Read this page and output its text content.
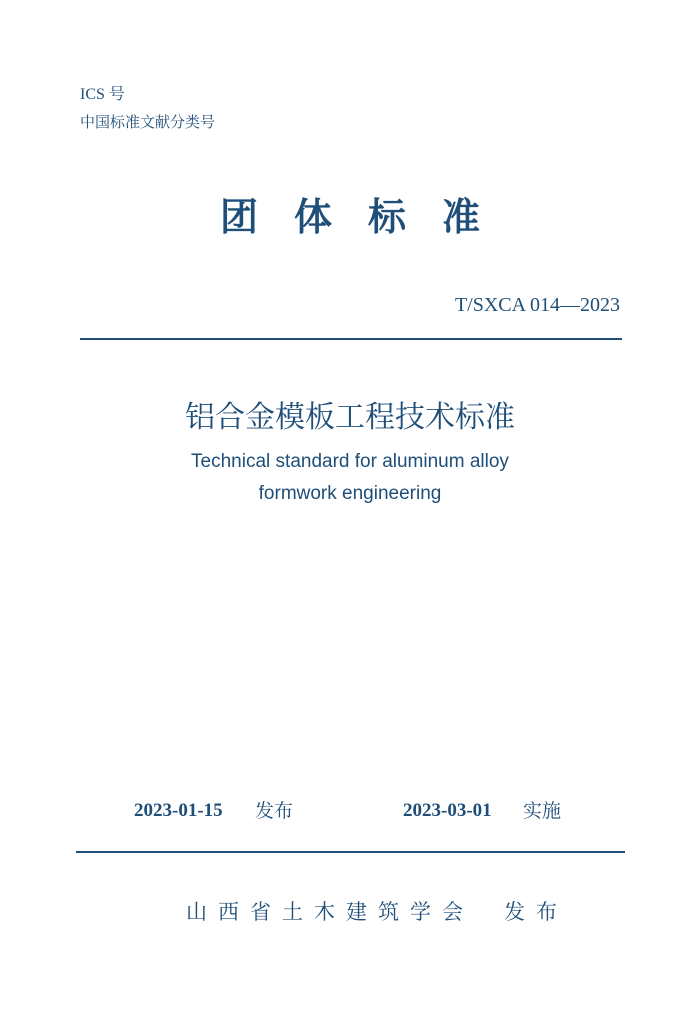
ICS 号
中国标准文献分类号
团体标准
T/SXCA 014—2023
铝合金模板工程技术标准
Technical standard for aluminum alloy
formwork engineering
2023-01-15 发布	2023-03-01 实施
山西省土木建筑学会 发布
